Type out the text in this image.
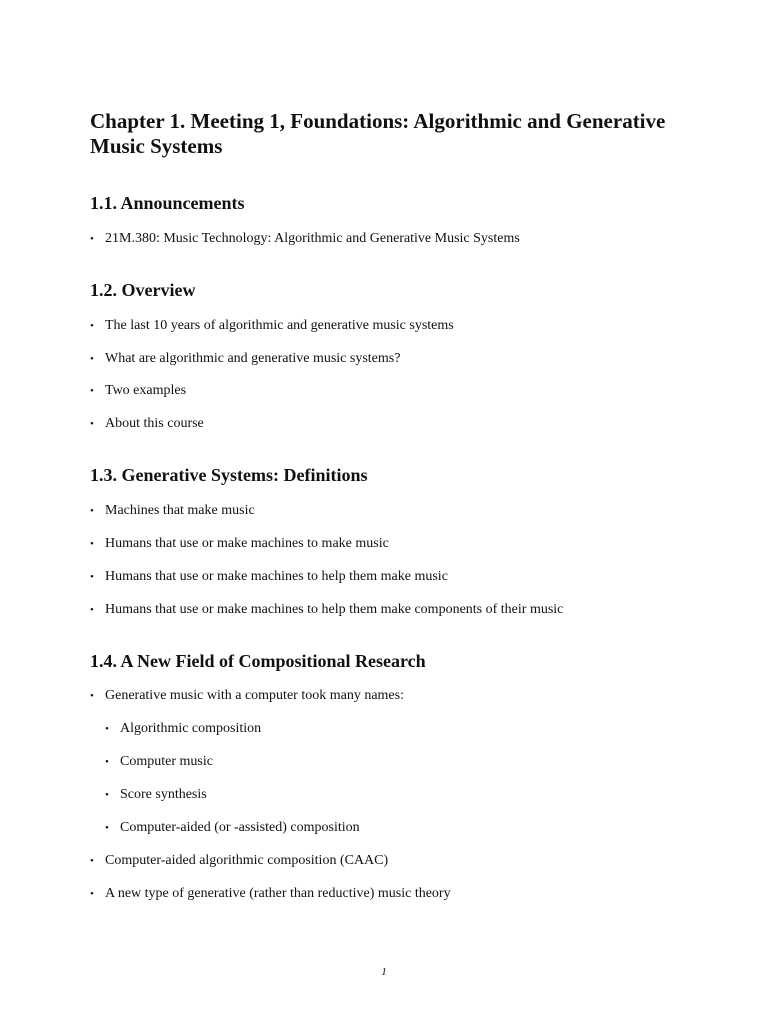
Chapter 1. Meeting 1, Foundations: Algorithmic and Generative Music Systems
1.1. Announcements
• 21M.380: Music Technology: Algorithmic and Generative Music Systems
1.2. Overview
• The last 10 years of algorithmic and generative music systems
• What are algorithmic and generative music systems?
• Two examples
• About this course
1.3. Generative Systems: Definitions
• Machines that make music
• Humans that use or make machines to make music
• Humans that use or make machines to help them make music
• Humans that use or make machines to help them make components of their music
1.4. A New Field of Compositional Research
• Generative music with a computer took many names:
• Algorithmic composition
• Computer music
• Score synthesis
• Computer-aided (or -assisted) composition
• Computer-aided algorithmic composition (CAAC)
• A new type of generative (rather than reductive) music theory
1
